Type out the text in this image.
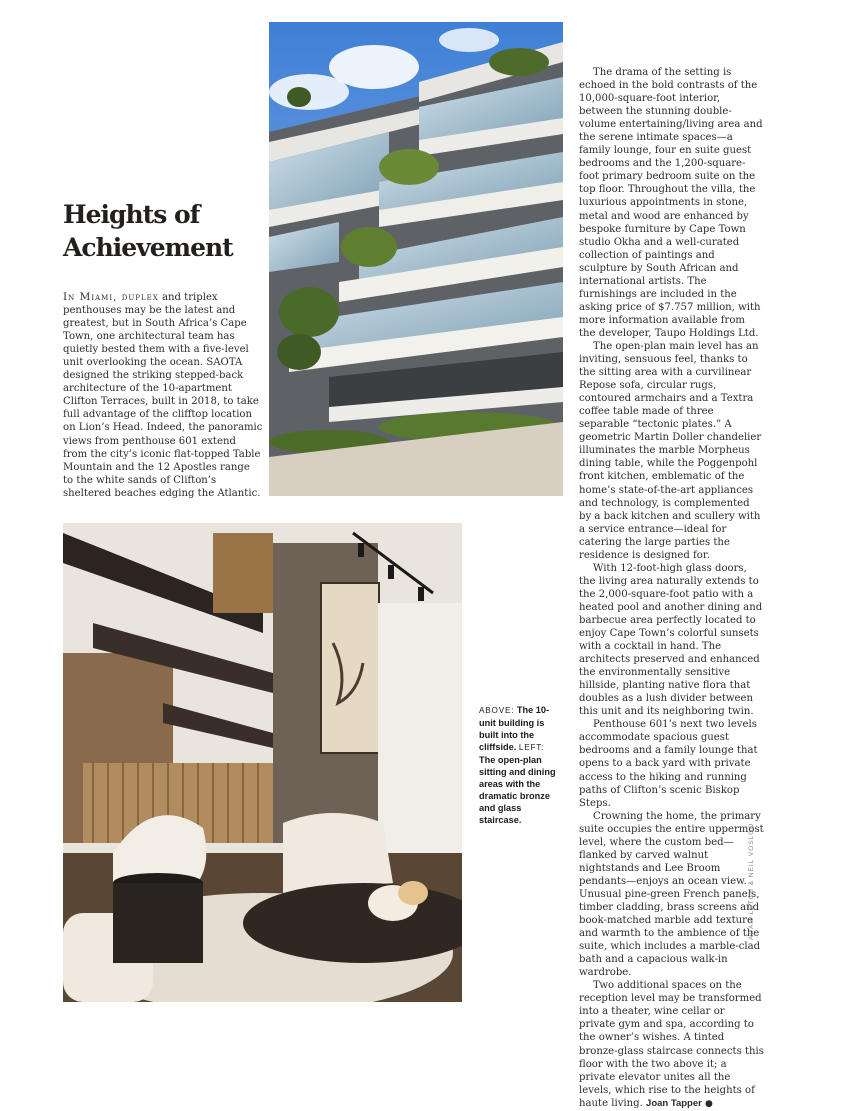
Heights of
Achievement
In Miami, duplex and triplex penthouses may be the latest and greatest, but in South Africa’s Cape Town, one architectural team has quietly bested them with a five-level unit overlooking the ocean. SAOTA designed the striking stepped-back architecture of the 10-apartment Clifton Terraces, built in 2018, to take full advantage of the clifftop location on Lion’s Head. Indeed, the panoramic views from penthouse 601 extend from the city’s iconic flat-topped Table Mountain and the 12 Apostles range to the white sands of Clifton’s sheltered beaches edging the Atlantic.

The drama of the setting is echoed in the bold contrasts of the 10,000-square-foot interior, between the stunning double-volume entertaining/living area and the serene intimate spaces—a family lounge, four en suite guest bedrooms and the 1,200-square-foot primary bedroom suite on the top floor. Throughout the villa, the luxurious appointments in stone, metal and wood are enhanced by bespoke furniture by Cape Town studio Okha and a well-curated collection of paintings and sculpture by South African and international artists. The furnishings are included in the asking price of $7.757 million, with more information available from the developer, Taupo Holdings Ltd.

The open-plan main level has an inviting, sensuous feel, thanks to the sitting area with a curvilinear Repose sofa, circular rugs, contoured armchairs and a Textra coffee table made of three separable “tectonic plates.” A geometric Martin Doller chandelier illuminates the marble Morpheus dining table, while the Poggenpohl front kitchen, emblematic of the home’s state-of-the-art appliances and technology, is complemented by a back kitchen and scullery with a service entrance—ideal for catering the large parties the residence is designed for.

With 12-foot-high glass doors, the living area naturally extends to the 2,000-square-foot patio with a heated pool and another dining and barbecue area perfectly located to enjoy Cape Town’s colorful sunsets with a cocktail in hand. The architects preserved and enhanced the environmentally sensitive hillside, planting native flora that doubles as a lush divider between this unit and its neighboring twin.

Penthouse 601’s next two levels accommodate spacious guest bedrooms and a family lounge that opens to a back yard with private access to the hiking and running paths of Clifton’s scenic Biskop Steps.

Crowning the home, the primary suite occupies the entire uppermost level, where the custom bed—flanked by carved walnut nightstands and Lee Broom pendants—enjoys an ocean view. Unusual pine-green French panels, timber cladding, brass screens and book-matched marble add texture and warmth to the ambience of the suite, which includes a marble-clad bath and a capacious walk-in wardrobe.

Two additional spaces on the reception level may be transformed into a theater, wine cellar or private gym and spa, according to the owner’s wishes. A tinted bronze-glass staircase connects this floor with the two above it; a private elevator unites all the levels, which rise to the heights of haute living. Joan Tapper ●

ABOVE: The 10-unit building is built into the cliffside. LEFT: The open-plan sitting and dining areas with the dramatic bronze and glass staircase.
ADAM LETCH & NEIL VOSLOO
